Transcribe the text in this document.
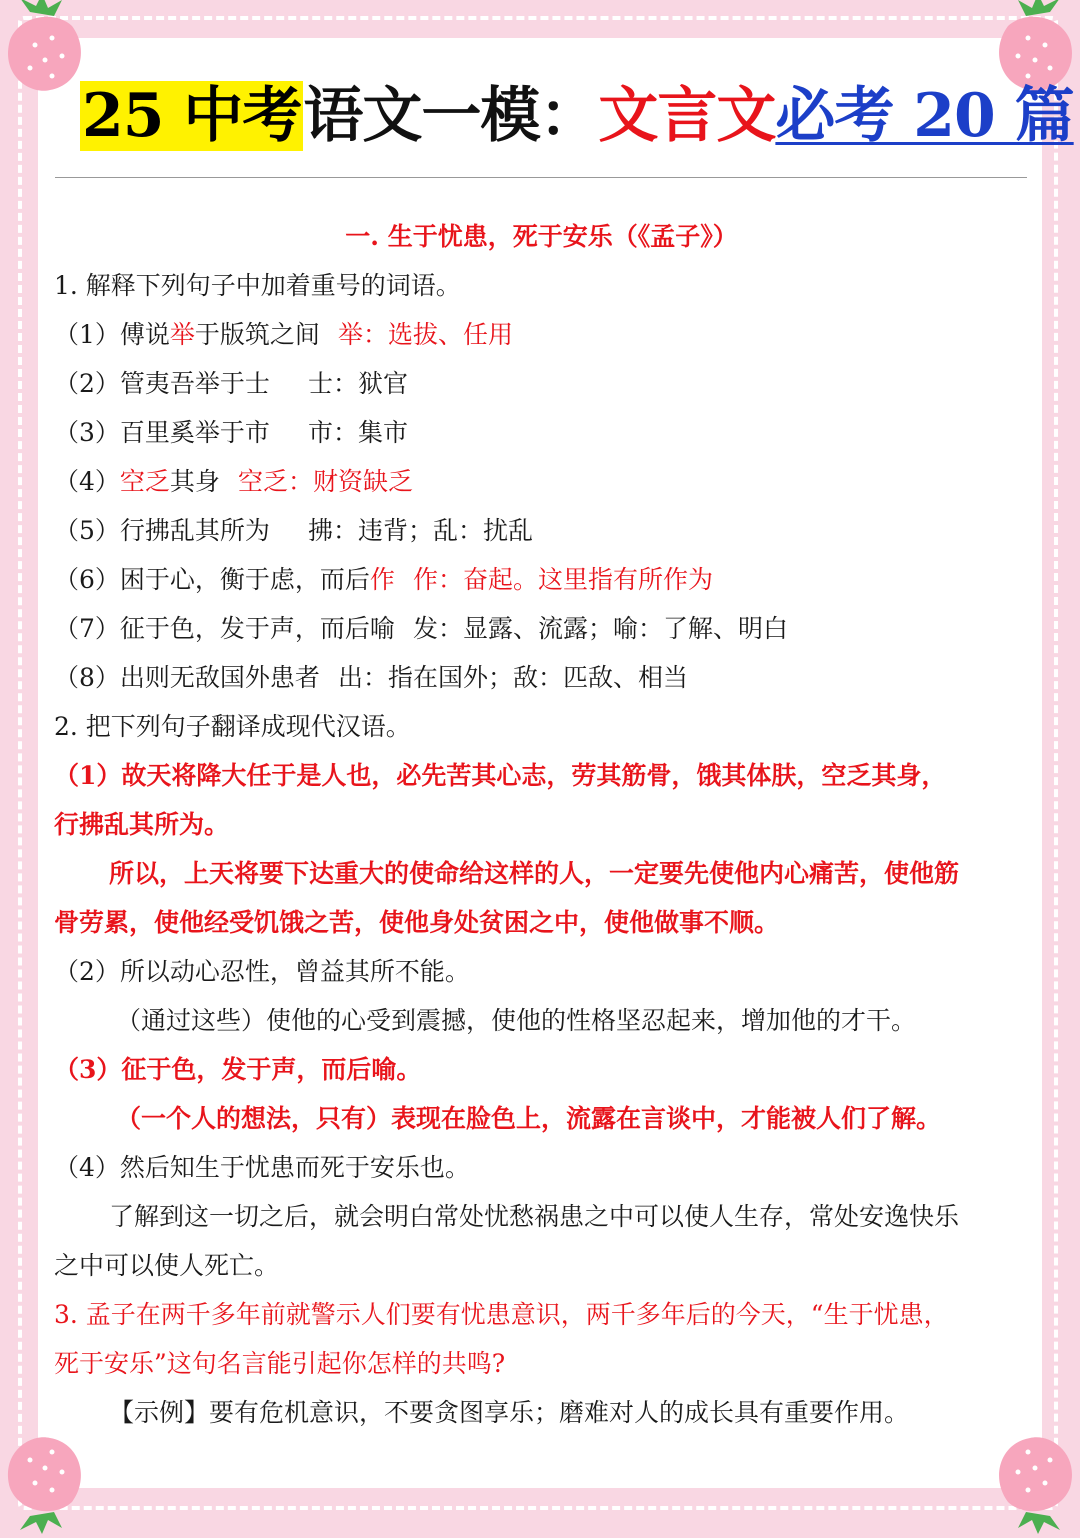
25 中考语文一模：文言文必考 20 篇
一. 生于忧患，死于安乐（《孟子》）
1. 解释下列句子中加着重号的词语。
（1）傅说举于版筑之间 举：选拔、任用
（2）管夷吾举于士 士：狱官
（3）百里奚举于市 市：集市
（4）空乏其身 空乏：财资缺乏
（5）行拂乱其所为 拂：违背；乱：扰乱
（6）困于心，衡于虑，而后作 作：奋起。这里指有所作为
（7）征于色，发于声，而后喻 发：显露、流露；喻：了解、明白
（8）出则无敌国外患者 出：指在国外；敌：匹敌、相当
2. 把下列句子翻译成现代汉语。
（1）故天将降大任于是人也，必先苦其心志，劳其筋骨，饿其体肤，空乏其身，
行拂乱其所为。
所以，上天将要下达重大的使命给这样的人，一定要先使他内心痛苦，使他筋
骨劳累，使他经受饥饿之苦，使他身处贫困之中，使他做事不顺。
（2）所以动心忍性，曾益其所不能。
（通过这些）使他的心受到震撼，使他的性格坚忍起来，增加他的才干。
（3）征于色，发于声，而后喻。
（一个人的想法，只有）表现在脸色上，流露在言谈中，才能被人们了解。
（4）然后知生于忧患而死于安乐也。
了解到这一切之后，就会明白常处忧愁祸患之中可以使人生存，常处安逸快乐
之中可以使人死亡。
3. 孟子在两千多年前就警示人们要有忧患意识，两千多年后的今天，“生于忧患，
死于安乐”这句名言能引起你怎样的共鸣?
【示例】要有危机意识，不要贪图享乐；磨难对人的成长具有重要作用。
